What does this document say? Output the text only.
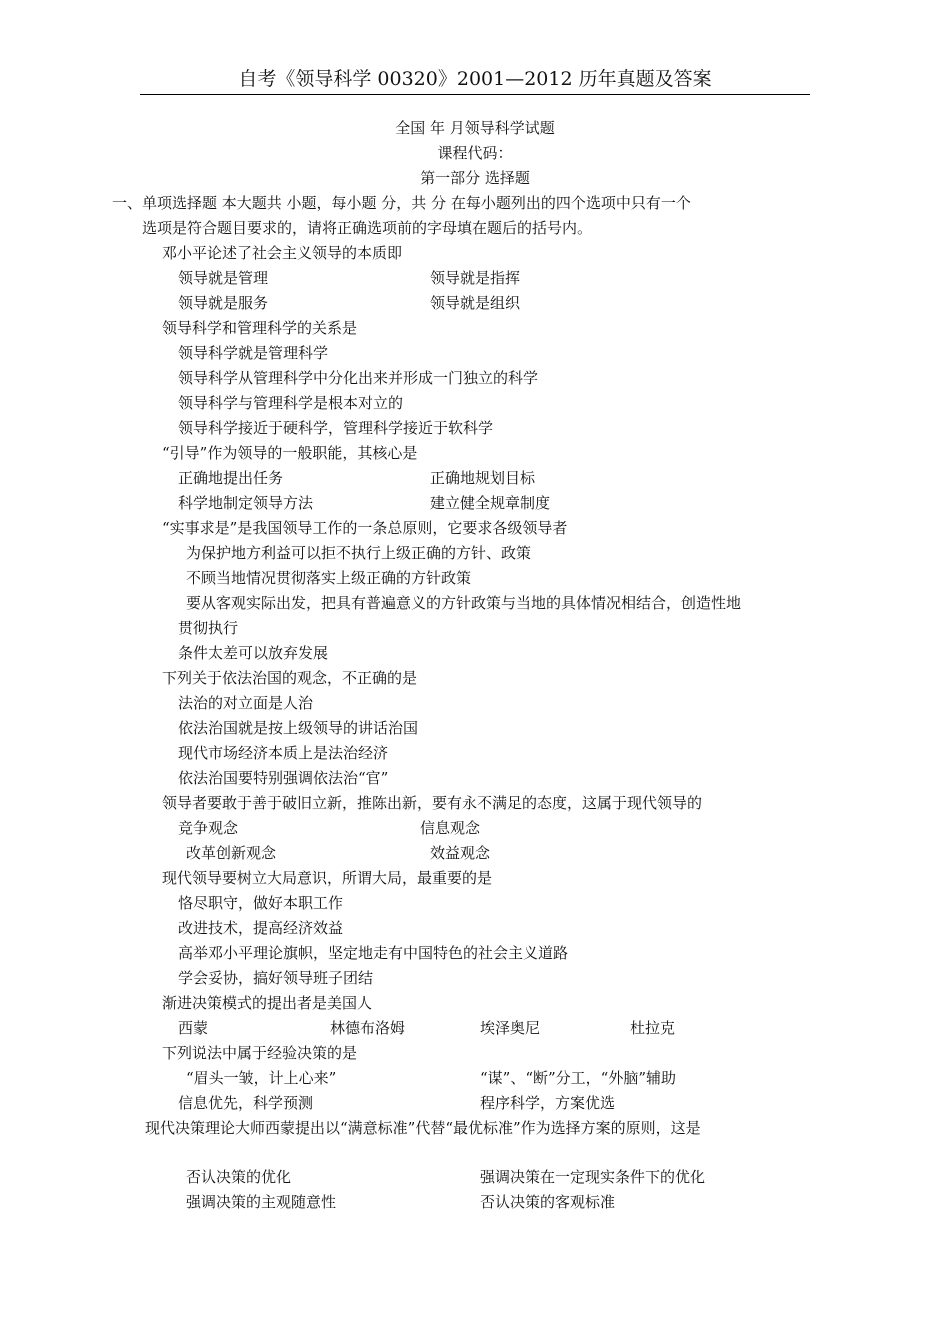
自考《领导科学 00320》2001—2012 历年真题及答案
全国 年 月领导科学试题
课程代码：
第一部分 选择题
一、单项选择题 本大题共 小题，每小题 分，共 分 在每小题列出的四个选项中只有一个
选项是符合题目要求的，请将正确选项前的字母填在题后的括号内。
邓小平论述了社会主义领导的本质即
领导就是管理	领导就是指挥
领导就是服务	领导就是组织
领导科学和管理科学的关系是
领导科学就是管理科学
领导科学从管理科学中分化出来并形成一门独立的科学
领导科学与管理科学是根本对立的
领导科学接近于硬科学，管理科学接近于软科学
“引导”作为领导的一般职能，其核心是
正确地提出任务	正确地规划目标
科学地制定领导方法	建立健全规章制度
“实事求是”是我国领导工作的一条总原则，它要求各级领导者
为保护地方利益可以拒不执行上级正确的方针、政策
不顾当地情况贯彻落实上级正确的方针政策
要从客观实际出发，把具有普遍意义的方针政策与当地的具体情况相结合，创造性地
贯彻执行
条件太差可以放弃发展
下列关于依法治国的观念，不正确的是
法治的对立面是人治
依法治国就是按上级领导的讲话治国
现代市场经济本质上是法治经济
依法治国要特别强调依法治“官”
领导者要敢于善于破旧立新，推陈出新，要有永不满足的态度，这属于现代领导的
竞争观念	信息观念
改革创新观念	效益观念
现代领导要树立大局意识，所谓大局，最重要的是
恪尽职守，做好本职工作
改进技术，提高经济效益
高举邓小平理论旗帜，坚定地走有中国特色的社会主义道路
学会妥协，搞好领导班子团结
渐进决策模式的提出者是美国人
西蒙	林德布洛姆	埃泽奥尼	杜拉克
下列说法中属于经验决策的是
“眉头一皱，计上心来”	“谋”、“断”分工，“外脑”辅助
信息优先，科学预测	程序科学，方案优选
现代决策理论大师西蒙提出以“满意标准”代替“最优标准”作为选择方案的原则，这是
否认决策的优化	强调决策在一定现实条件下的优化
强调决策的主观随意性	否认决策的客观标准
